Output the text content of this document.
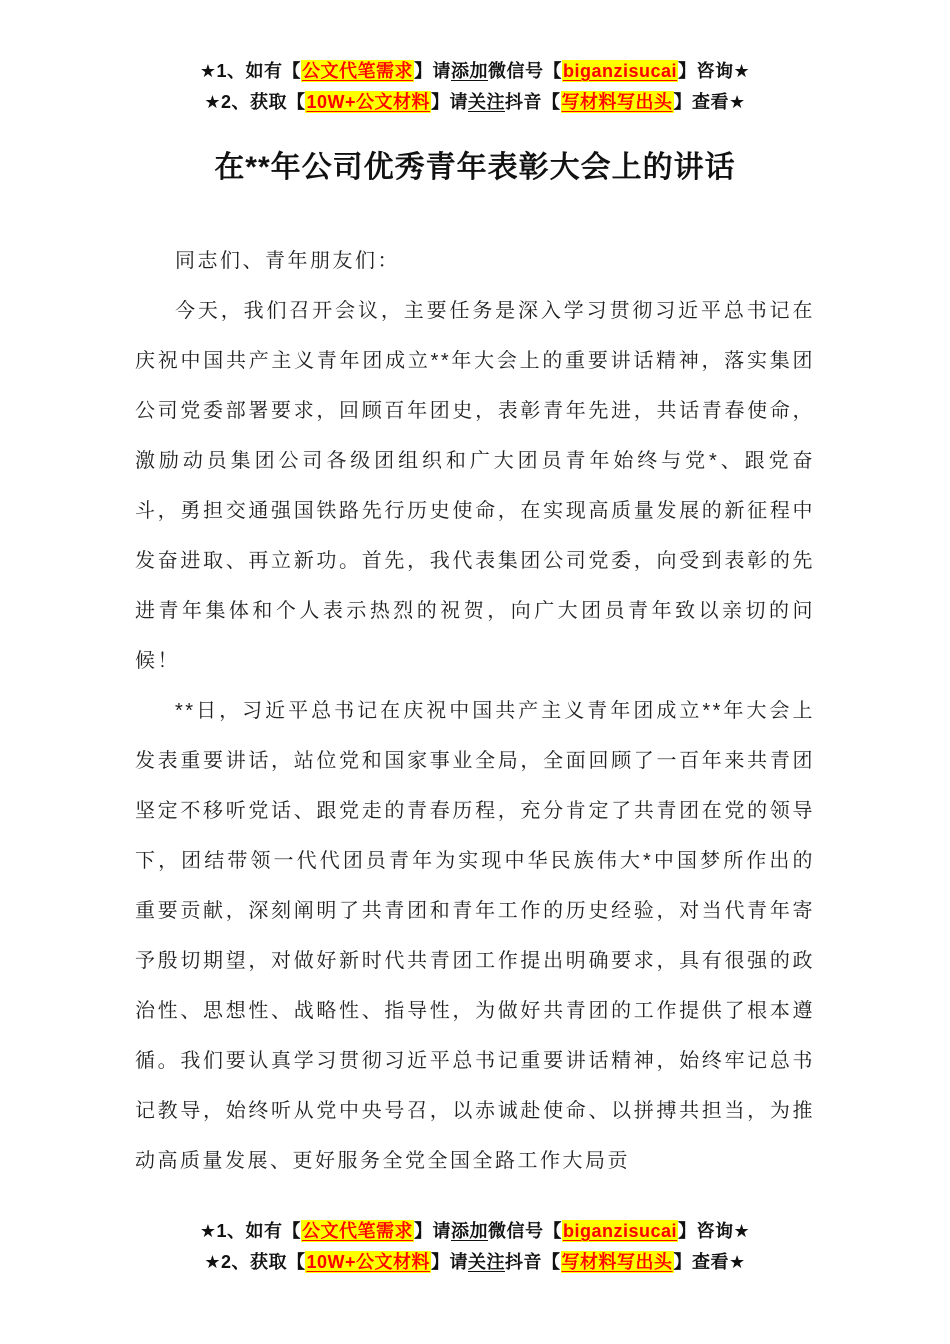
★1、如有【公文代笔需求】请添加微信号【biganzisucai】咨询★
★2、获取【10W+公文材料】请关注抖音【写材料写出头】查看★
在**年公司优秀青年表彰大会上的讲话

同志们、青年朋友们：

今天，我们召开会议，主要任务是深入学习贯彻习近平总书记在庆祝中国共产主义青年团成立**年大会上的重要讲话精神，落实集团公司党委部署要求，回顾百年团史，表彰青年先进，共话青春使命，激励动员集团公司各级团组织和广大团员青年始终与党*、跟党奋斗，勇担交通强国铁路先行历史使命，在实现高质量发展的新征程中发奋进取、再立新功。首先，我代表集团公司党委，向受到表彰的先进青年集体和个人表示热烈的祝贺，向广大团员青年致以亲切的问候！

**日，习近平总书记在庆祝中国共产主义青年团成立**年大会上发表重要讲话，站位党和国家事业全局，全面回顾了一百年来共青团坚定不移听党话、跟党走的青春历程，充分肯定了共青团在党的领导下，团结带领一代代团员青年为实现中华民族伟大*中国梦所作出的重要贡献，深刻阐明了共青团和青年工作的历史经验，对当代青年寄予殷切期望，对做好新时代共青团工作提出明确要求，具有很强的政治性、思想性、战略性、指导性，为做好共青团的工作提供了根本遵循。我们要认真学习贯彻习近平总书记重要讲话精神，始终牢记总书记教导，始终听从党中央号召，以赤诚赴使命、以拼搏共担当，为推动高质量发展、更好服务全党全国全路工作大局贡

★1、如有【公文代笔需求】请添加微信号【biganzisucai】咨询★
★2、获取【10W+公文材料】请关注抖音【写材料写出头】查看★
